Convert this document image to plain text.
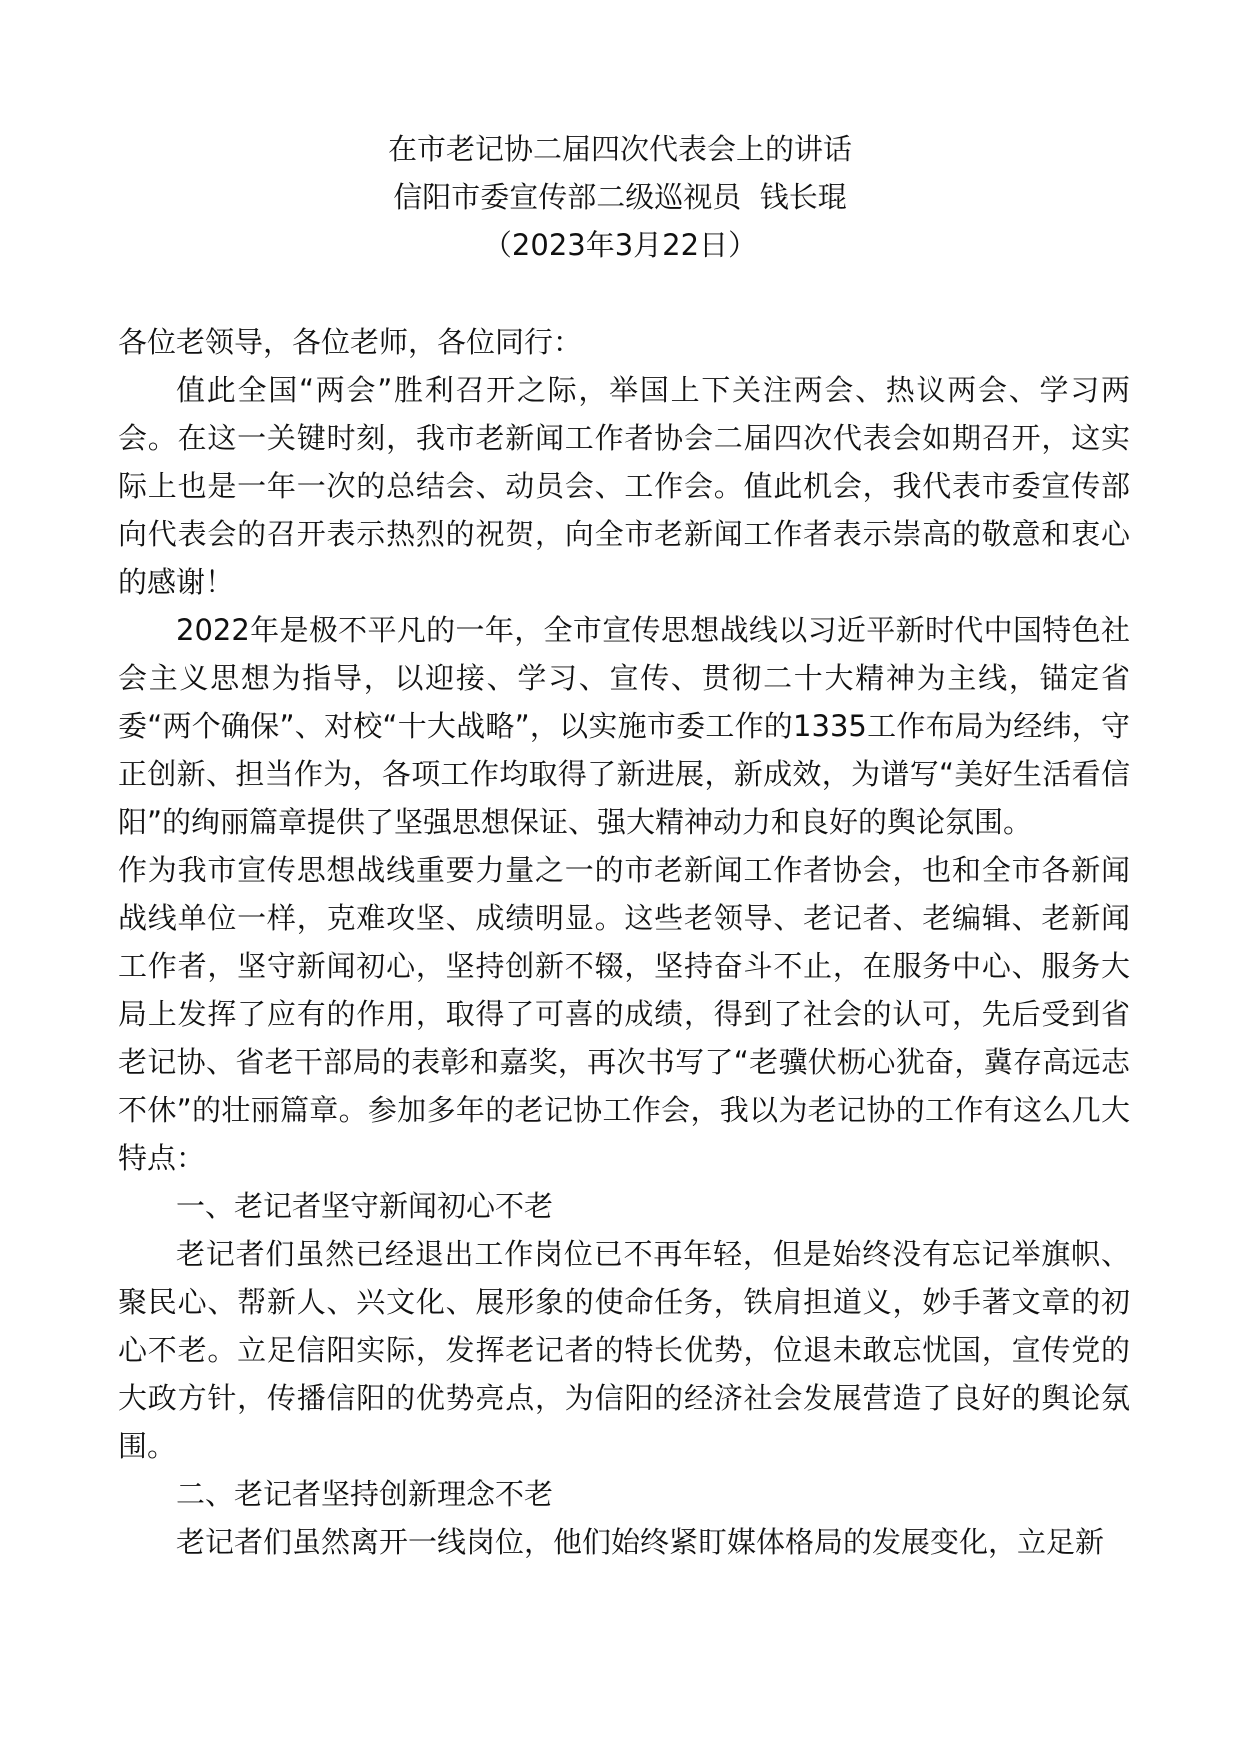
在市老记协二届四次代表会上的讲话
信阳市委宣传部二级巡视员  钱长琨
（2023年3月22日）

各位老领导，各位老师，各位同行：

值此全国“两会”胜利召开之际，举国上下关注两会、热议两会、学习两会。在这一关键时刻，我市老新闻工作者协会二届四次代表会如期召开，这实际上也是一年一次的总结会、动员会、工作会。值此机会，我代表市委宣传部向代表会的召开表示热烈的祝贺，向全市老新闻工作者表示崇高的敬意和衷心的感谢！

2022年是极不平凡的一年，全市宣传思想战线以习近平新时代中国特色社会主义思想为指导，以迎接、学习、宣传、贯彻二十大精神为主线，锚定省委“两个确保”、对校“十大战略”，以实施市委工作的1335工作布局为经纬，守正创新、担当作为，各项工作均取得了新进展，新成效，为谱写“美好生活看信阳”的绚丽篇章提供了坚强思想保证、强大精神动力和良好的舆论氛围。

作为我市宣传思想战线重要力量之一的市老新闻工作者协会，也和全市各新闻战线单位一样，克难攻坚、成绩明显。这些老领导、老记者、老编辑、老新闻工作者，坚守新闻初心，坚持创新不辍，坚持奋斗不止，在服务中心、服务大局上发挥了应有的作用，取得了可喜的成绩，得到了社会的认可，先后受到省老记协、省老干部局的表彰和嘉奖，再次书写了“老骥伏枥心犹奋，冀存高远志不休”的壮丽篇章。参加多年的老记协工作会，我以为老记协的工作有这么几大特点：

一、老记者坚守新闻初心不老

老记者们虽然已经退出工作岗位已不再年轻，但是始终没有忘记举旗帜、聚民心、帮新人、兴文化、展形象的使命任务，铁肩担道义，妙手著文章的初心不老。立足信阳实际，发挥老记者的特长优势，位退未敢忘忧国，宣传党的大政方针，传播信阳的优势亮点，为信阳的经济社会发展营造了良好的舆论氛围。

二、老记者坚持创新理念不老

老记者们虽然离开一线岗位，他们始终紧盯媒体格局的发展变化，立足新
